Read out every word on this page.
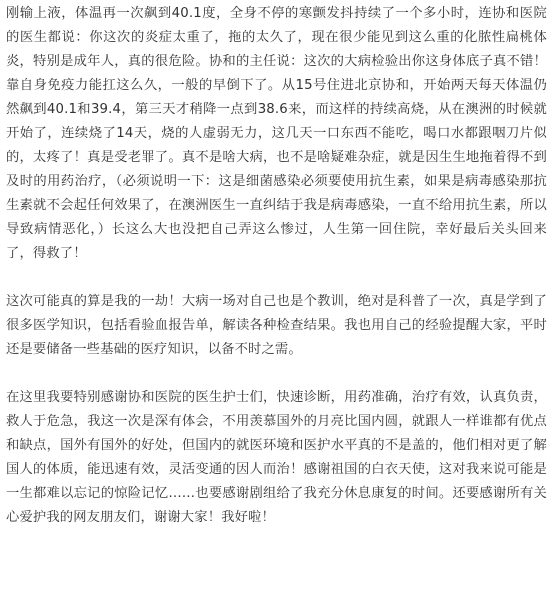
刚输上液，体温再一次飙到40.1度，全身不停的寒颤发抖持续了一个多小时，连协和医院的医生都说：你这次的炎症太重了，拖的太久了，现在很少能见到这么重的化脓性扁桃体炎，特别是成年人，真的很危险。协和的主任说：这次的大病检验出你这身体底子真不错！靠自身免疫力能扛这么久，一般的早倒下了。从15号住进北京协和，开始两天每天体温仍然飙到40.1和39.4，第三天才稍降一点到38.6来，而这样的持续高烧，从在澳洲的时候就开始了，连续烧了14天，烧的人虚弱无力，这几天一口东西不能吃，喝口水都跟咽刀片似的，太疼了！真是受老罪了。真不是啥大病，也不是啥疑难杂症，就是因生生地拖着得不到及时的用药治疗，（必须说明一下：这是细菌感染必须要使用抗生素，如果是病毒感染那抗生素就不会起任何效果了，在澳洲医生一直纠结于我是病毒感染，一直不给用抗生素，所以导致病情恶化，）长这么大也没把自己弄这么惨过，人生第一回住院，幸好最后关头回来了，得救了！

这次可能真的算是我的一劫！大病一场对自己也是个教训，绝对是科普了一次，真是学到了很多医学知识，包括看验血报告单，解读各种检查结果。我也用自己的经验提醒大家，平时还是要储备一些基础的医疗知识，以备不时之需。

在这里我要特别感谢协和医院的医生护士们，快速诊断，用药准确，治疗有效，认真负责，救人于危急，我这一次是深有体会，不用羡慕国外的月亮比国内圆，就跟人一样谁都有优点和缺点，国外有国外的好处，但国内的就医环境和医护水平真的不是盖的，他们相对更了解国人的体质，能迅速有效，灵活变通的因人而治！感谢祖国的白衣天使，这对我来说可能是一生都难以忘记的惊险记忆……也要感谢剧组给了我充分休息康复的时间。还要感谢所有关心爱护我的网友朋友们，谢谢大家！我好啦！
